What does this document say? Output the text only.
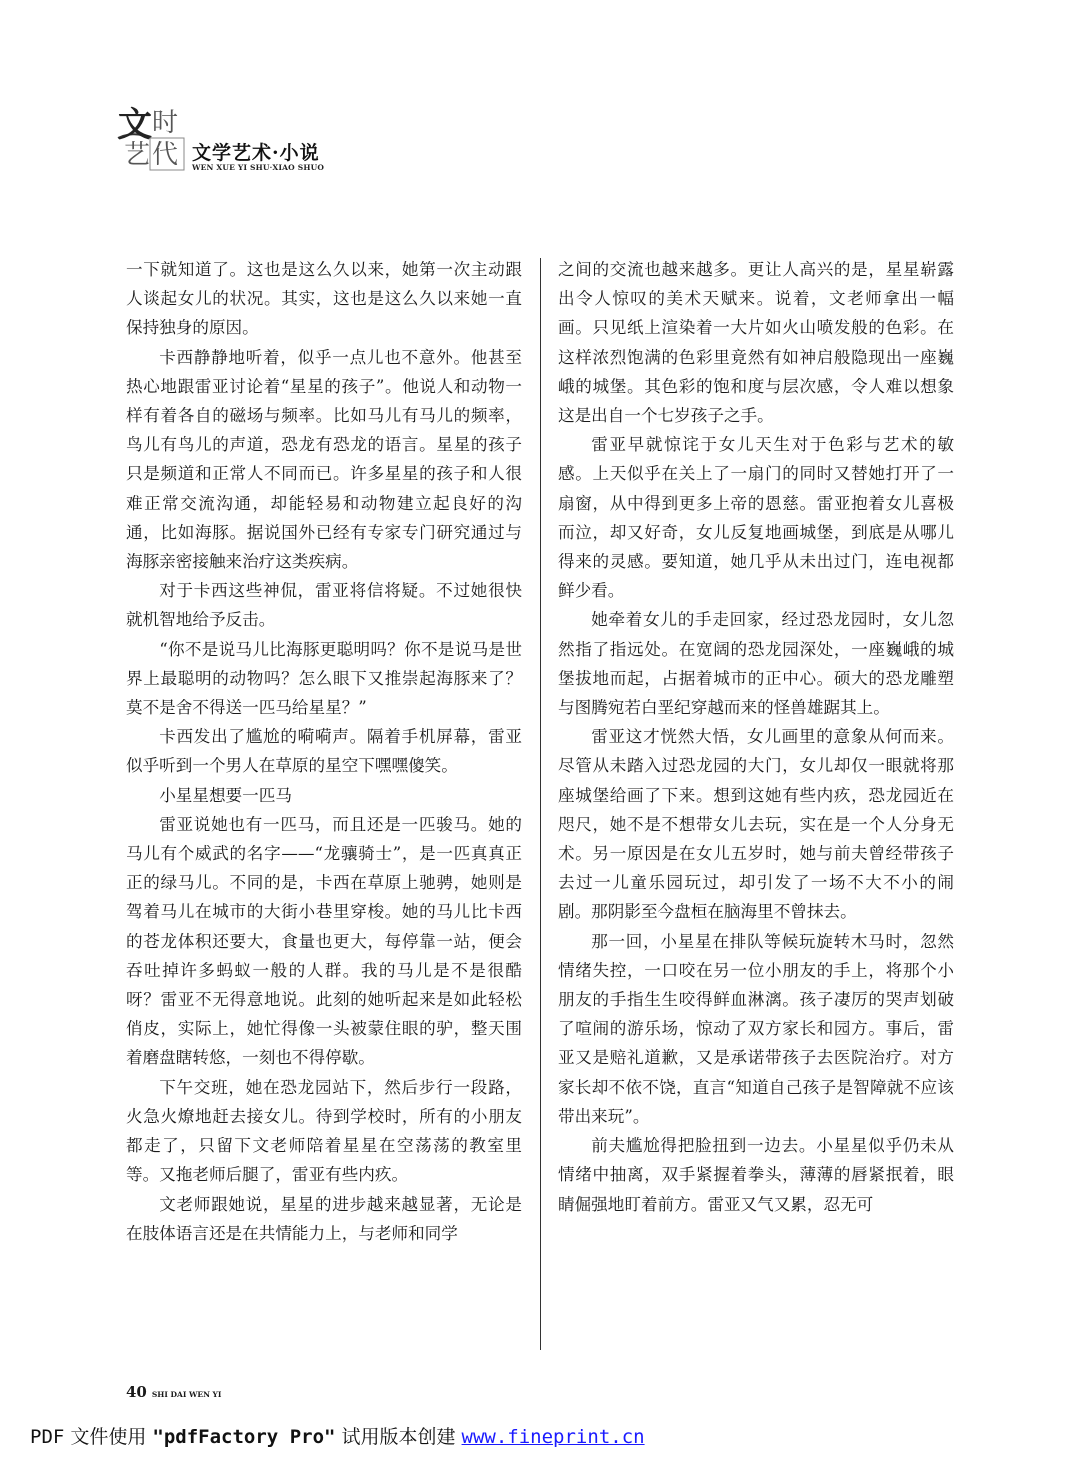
文 时
艺 代 文学艺术·小说
WEN XUE YI SHU·XIAO SHUO

一下就知道了。这也是这么久以来，她第一次主动跟人谈起女儿的状况。其实，这也是这么久以来她一直保持独身的原因。

卡西静静地听着，似乎一点儿也不意外。他甚至热心地跟雷亚讨论着“星星的孩子”。他说人和动物一样有着各自的磁场与频率。比如马儿有马儿的频率，鸟儿有鸟儿的声道，恐龙有恐龙的语言。星星的孩子只是频道和正常人不同而已。许多星星的孩子和人很难正常交流沟通，却能轻易和动物建立起良好的沟通，比如海豚。据说国外已经有专家专门研究通过与海豚亲密接触来治疗这类疾病。

对于卡西这些神侃，雷亚将信将疑。不过她很快就机智地给予反击。

“你不是说马儿比海豚更聪明吗？你不是说马是世界上最聪明的动物吗？怎么眼下又推崇起海豚来了？莫不是舍不得送一匹马给星星？”

卡西发出了尴尬的嗬嗬声。隔着手机屏幕，雷亚似乎听到一个男人在草原的星空下嘿嘿傻笑。

小星星想要一匹马

雷亚说她也有一匹马，而且还是一匹骏马。她的马儿有个威武的名字——“龙骧骑士”，是一匹真真正正的绿马儿。不同的是，卡西在草原上驰骋，她则是驾着马儿在城市的大街小巷里穿梭。她的马儿比卡西的苍龙体积还要大，食量也更大，每停靠一站，便会吞吐掉许多蚂蚁一般的人群。我的马儿是不是很酷呀？雷亚不无得意地说。此刻的她听起来是如此轻松俏皮，实际上，她忙得像一头被蒙住眼的驴，整天围着磨盘瞎转悠，一刻也不得停歇。

下午交班，她在恐龙园站下，然后步行一段路，火急火燎地赶去接女儿。待到学校时，所有的小朋友都走了，只留下文老师陪着星星在空荡荡的教室里等。又拖老师后腿了，雷亚有些内疚。

文老师跟她说，星星的进步越来越显著，无论是在肢体语言还是在共情能力上，与老师和同学

之间的交流也越来越多。更让人高兴的是，星星崭露出令人惊叹的美术天赋来。说着，文老师拿出一幅画。只见纸上渲染着一大片如火山喷发般的色彩。在这样浓烈饱满的色彩里竟然有如神启般隐现出一座巍峨的城堡。其色彩的饱和度与层次感，令人难以想象这是出自一个七岁孩子之手。

雷亚早就惊诧于女儿天生对于色彩与艺术的敏感。上天似乎在关上了一扇门的同时又替她打开了一扇窗，从中得到更多上帝的恩慈。雷亚抱着女儿喜极而泣，却又好奇，女儿反复地画城堡，到底是从哪儿得来的灵感。要知道，她几乎从未出过门，连电视都鲜少看。

她牵着女儿的手走回家，经过恐龙园时，女儿忽然指了指远处。在宽阔的恐龙园深处，一座巍峨的城堡拔地而起，占据着城市的正中心。硕大的恐龙雕塑与图腾宛若白垩纪穿越而来的怪兽雄踞其上。

雷亚这才恍然大悟，女儿画里的意象从何而来。尽管从未踏入过恐龙园的大门，女儿却仅一眼就将那座城堡给画了下来。想到这她有些内疚，恐龙园近在咫尺，她不是不想带女儿去玩，实在是一个人分身无术。另一原因是在女儿五岁时，她与前夫曾经带孩子去过一儿童乐园玩过，却引发了一场不大不小的闹剧。那阴影至今盘桓在脑海里不曾抹去。

那一回，小星星在排队等候玩旋转木马时，忽然情绪失控，一口咬在另一位小朋友的手上，将那个小朋友的手指生生咬得鲜血淋漓。孩子凄厉的哭声划破了喧闹的游乐场，惊动了双方家长和园方。事后，雷亚又是赔礼道歉，又是承诺带孩子去医院治疗。对方家长却不依不饶，直言“知道自己孩子是智障就不应该带出来玩”。

前夫尴尬得把脸扭到一边去。小星星似乎仍未从情绪中抽离，双手紧握着拳头，薄薄的唇紧抿着，眼睛倔强地盯着前方。雷亚又气又累，忍无可

40 SHI DAI WEN YI
PDF 文件使用 "pdfFactory Pro" 试用版本创建 www.fineprint.cn
